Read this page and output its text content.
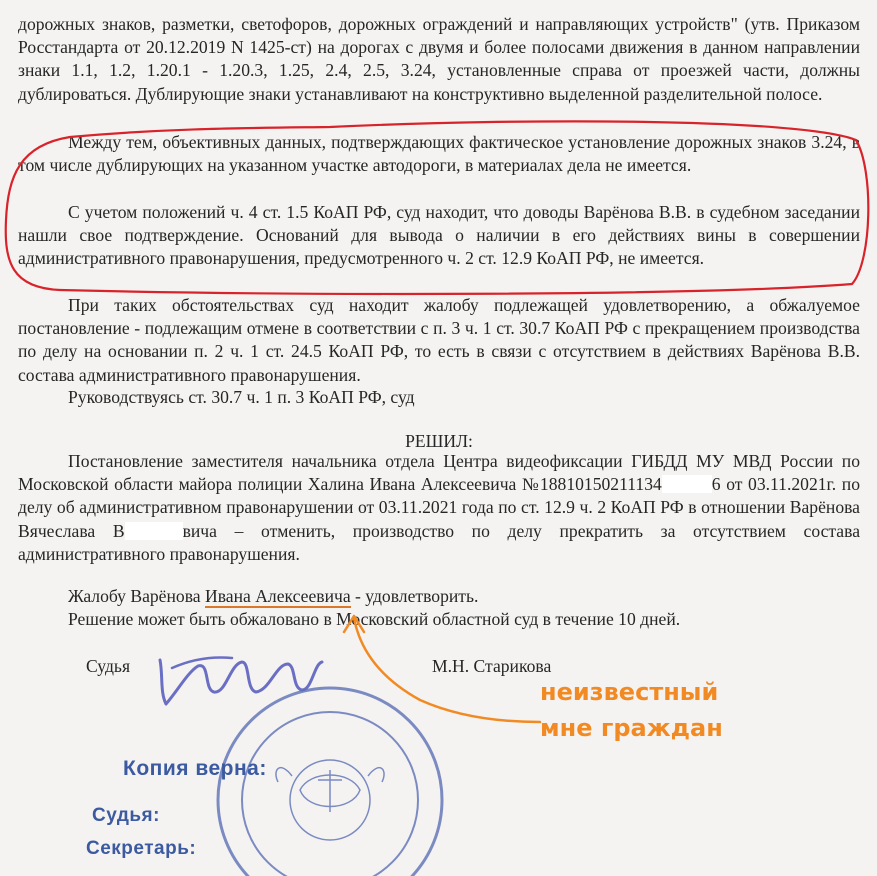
дорожных знаков, разметки, светофоров, дорожных ограждений и направляющих устройств" (утв. Приказом Росстандарта от 20.12.2019 N 1425-ст) на дорогах с двумя и более полосами движения в данном направлении знаки 1.1, 1.2, 1.20.1 - 1.20.3, 1.25, 2.4, 2.5, 3.24, установленные справа от проезжей части, должны дублироваться. Дублирующие знаки устанавливают на конструктивно выделенной разделительной полосе.

Между тем, объективных данных, подтверждающих фактическое установление дорожных знаков 3.24, в том числе дублирующих на указанном участке автодороги, в материалах дела не имеется.

С учетом положений ч. 4 ст. 1.5 КоАП РФ, суд находит, что доводы Варёнова В.В. в судебном заседании нашли свое подтверждение. Оснований для вывода о наличии в его действиях вины в совершении административного правонарушения, предусмотренного ч. 2 ст. 12.9 КоАП РФ, не имеется.

При таких обстоятельствах суд находит жалобу подлежащей удовлетворению, а обжалуемое постановление - подлежащим отмене в соответствии с п. 3 ч. 1 ст. 30.7 КоАП РФ с прекращением производства по делу на основании п. 2 ч. 1 ст. 24.5 КоАП РФ, то есть в связи с отсутствием в действиях Варёнова В.В. состава административного правонарушения.

Руководствуясь ст. 30.7 ч. 1 п. 3 КоАП РФ, суд

РЕШИЛ:

Постановление заместителя начальника отдела Центра видеофиксации ГИБДД МУ МВД России по Московской области майора полиции Халина Ивана Алексеевича №18810150211134	6 от 03.11.2021г. по делу об административном правонарушении от 03.11.2021 года по ст. 12.9 ч. 2 КоАП РФ в отношении Варёнова Вячеслава В	вича – отменить, производство по делу прекратить за отсутствием состава административного правонарушения.

Жалобу Варёнова Ивана Алексеевича - удовлетворить.

Решение может быть обжаловано в Московский областной суд в течение 10 дней.

Судья	М.Н. Старикова
Копия верна:
Судья:
Секретарь:
неизвестный
мне граждан
